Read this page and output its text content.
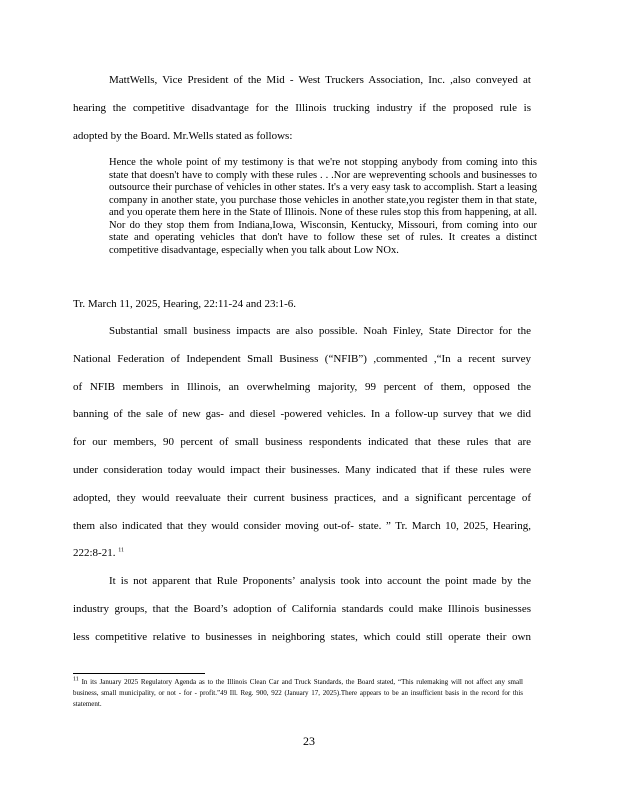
MattWells, Vice President of the Mid - West Truckers Association, Inc. ,also conveyed at
hearing the competitive disadvantage for the Illinois trucking industry if the proposed rule is
adopted by the Board. Mr.Wells stated as follows:
Hence the whole point of my testimony is that we're not stopping anybody from coming into this state that doesn't have to comply with these rules . . .Nor are wepreventing schools and businesses to outsource their purchase of vehicles in other states. It's a very easy task to accomplish. Start a leasing company in another state, you purchase those vehicles in another state,you register them in that state, and you operate them here in the State of Illinois. None of these rules stop this from happening, at all. Nor do they stop them from Indiana,Iowa, Wisconsin, Kentucky, Missouri, from coming into our state and operating vehicles that don't have to follow these set of rules. It creates a distinct competitive disadvantage, especially when you talk about Low NOx.
Tr. March 11, 2025, Hearing, 22:11-24 and 23:1-6.
Substantial small business impacts are also possible. Noah Finley, State Director for the
National Federation of Independent Small Business (“NFIB”) ,commented ,“In a recent survey
of NFIB members in Illinois, an overwhelming majority, 99 percent of them, opposed the
banning of the sale of new gas- and diesel -powered vehicles. In a follow-up survey that we did
for our members, 90 percent of small business respondents indicated that these rules that are
under consideration today would impact their businesses. Many indicated that if these rules were
adopted, they would reevaluate their current business practices, and a significant percentage of
them also indicated that they would consider moving out-of- state. ” Tr. March 10, 2025, Hearing,
222:8-21. $^{11}$
It is not apparent that Rule Proponents’ analysis took into account the point made by the
industry groups, that the Board’s adoption of California standards could make Illinois businesses
less competitive relative to businesses in neighboring states, which could still operate their own
$^{11}$ In its January 2025 Regulatory Agenda as to the Illinois Clean Car and Truck Standards, the Board stated, “This rulemaking will not affect any small business, small municipality, or not - for - profit.”49 Ill. Reg. 900, 922 (January 17, 2025).There appears to be an insufficient basis in the record for this statement.
23
